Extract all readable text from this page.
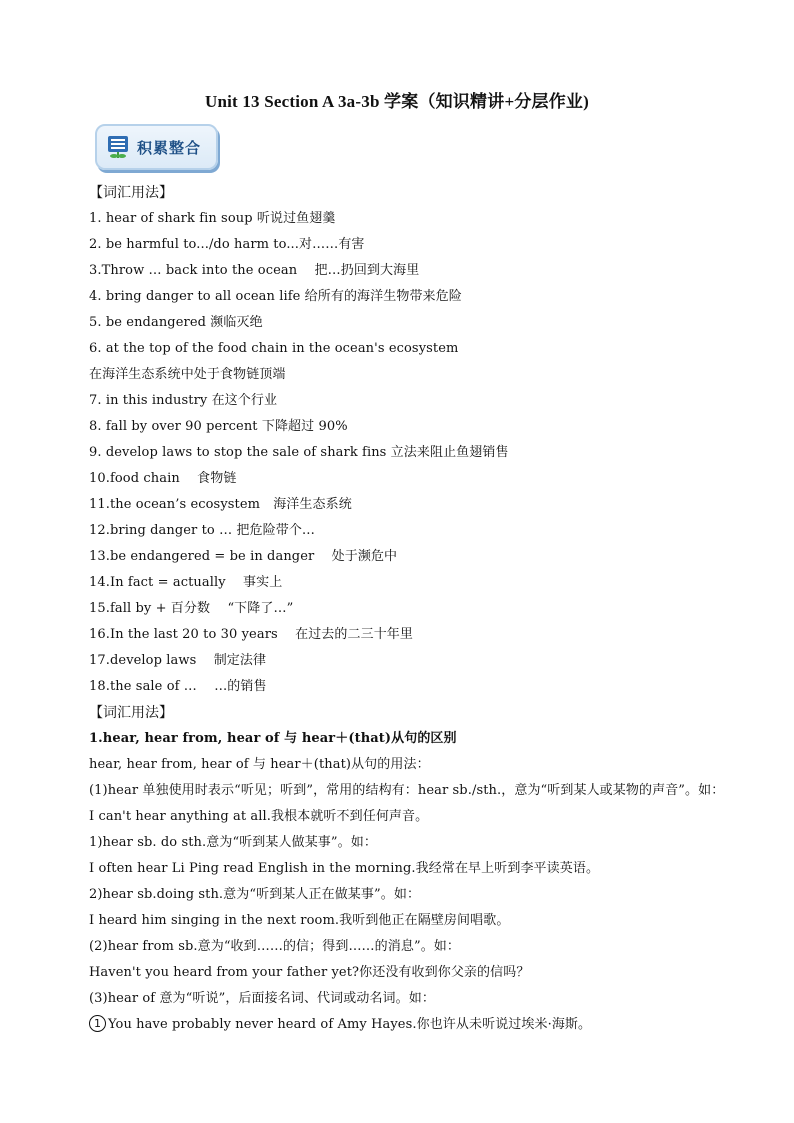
Unit 13 Section A 3a-3b 学案（知识精讲+分层作业)
积累整合
【词汇用法】
1. hear of shark fin soup 听说过鱼翅羹
2. be harmful to.../do harm to...对……有害
3.Throw … back into the ocean　 把…扔回到大海里
4. bring danger to all ocean life 给所有的海洋生物带来危险
5. be endangered 濒临灭绝
6. at the top of the food chain in the ocean's ecosystem
在海洋生态系统中处于食物链顶端
7. in this industry 在这个行业
8. fall by over 90 percent 下降超过 90%
9. develop laws to stop the sale of shark fins 立法来阻止鱼翅销售
10.food chain　 食物链
11.the ocean’s ecosystem　海洋生态系统
12.bring danger to … 把危险带个…
13.be endangered = be in danger　 处于濒危中
14.In fact = actually　 事实上
15.fall by + 百分数　 “下降了…”
16.In the last 20 to 30 years　 在过去的二三十年里
17.develop laws　 制定法律
18.the sale of …　 …的销售
【词汇用法】
1.hear, hear from, hear of 与 hear＋(that)从句的区别
hear, hear from, hear of 与 hear＋(that)从句的用法：
(1)hear 单独使用时表示“听见；听到”，常用的结构有：hear sb./sth.，意为“听到某人或某物的声音”。如：
I can't hear anything at all.我根本就听不到任何声音。
1)hear sb. do sth.意为“听到某人做某事”。如：
I often hear Li Ping read English in the morning.我经常在早上听到李平读英语。
2)hear sb.doing sth.意为“听到某人正在做某事”。如：
I heard him singing in the next room.我听到他正在隔壁房间唱歌。
(2)hear from sb.意为“收到……的信；得到……的消息”。如：
Haven't you heard from your father yet?你还没有收到你父亲的信吗？
(3)hear of 意为“听说”，后面接名词、代词或动名词。如：
1 You have probably never heard of Amy Hayes.你也许从未听说过埃米·海斯。
